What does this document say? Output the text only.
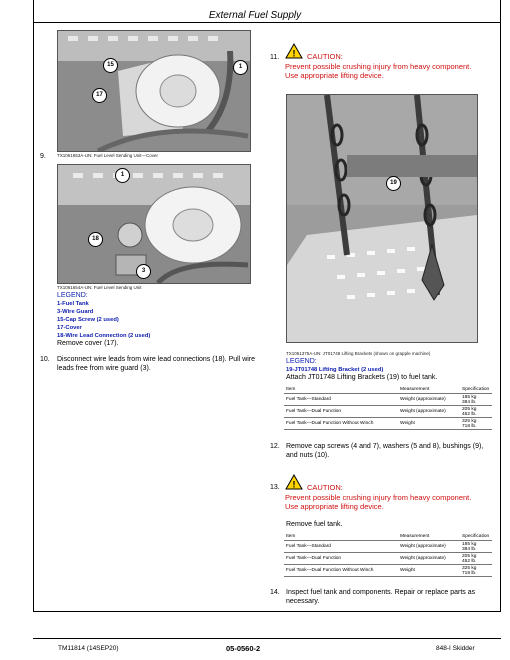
External Fuel Supply
15
17
1
TX1061653A-UN: Fuel Level Sending Unit—Cover
9.
1
18
3
TX1061654A-UN: Fuel Level Sending Unit
LEGEND:
1-Fuel Tank
3-Wire Guard
15-Cap Screw (2 used)
17-Cover
18-Wire Lead Connection (2 used)
Remove cover (17).
10. Disconnect wire leads from wire lead connections (18). Pull wire leads free from wire guard (3).
11. ! CAUTION:
Prevent possible crushing injury from heavy component.
Use appropriate lifting device.
19
TX1061375A-UN: JT01748 Lifting Brackets (shown on grapple machine)
LEGEND:
19-JT01748 Lifting Bracket (2 used)
Attach JT01748 Lifting Brackets (19) to fuel tank.
Item	Measurement	Specification
Fuel Tank—Standard	Weight (approximate)	185 kg
384 lb.
Fuel Tank—Dual Function	Weight (approximate)	205 kg
452 lb.
Fuel Tank—Dual Function Without Winch	Weight	325 kg
718 lb.
12. Remove cap screws (4 and 7), washers (5 and 8), bushings (9), and nuts (10).
13. ! CAUTION:
Prevent possible crushing injury from heavy component.
Use appropriate lifting device.
Remove fuel tank.
Item	Measurement	Specification
Fuel Tank—Standard	Weight (approximate)	185 kg
384 lb.
Fuel Tank—Dual Function	Weight (approximate)	205 kg
452 lb.
Fuel Tank—Dual Function Without Winch	Weight	325 kg
718 lb.
14. Inspect fuel tank and components. Repair or replace parts as necessary.
TM11814 (14SEP20)	05-0560-2	848-I Skidder
